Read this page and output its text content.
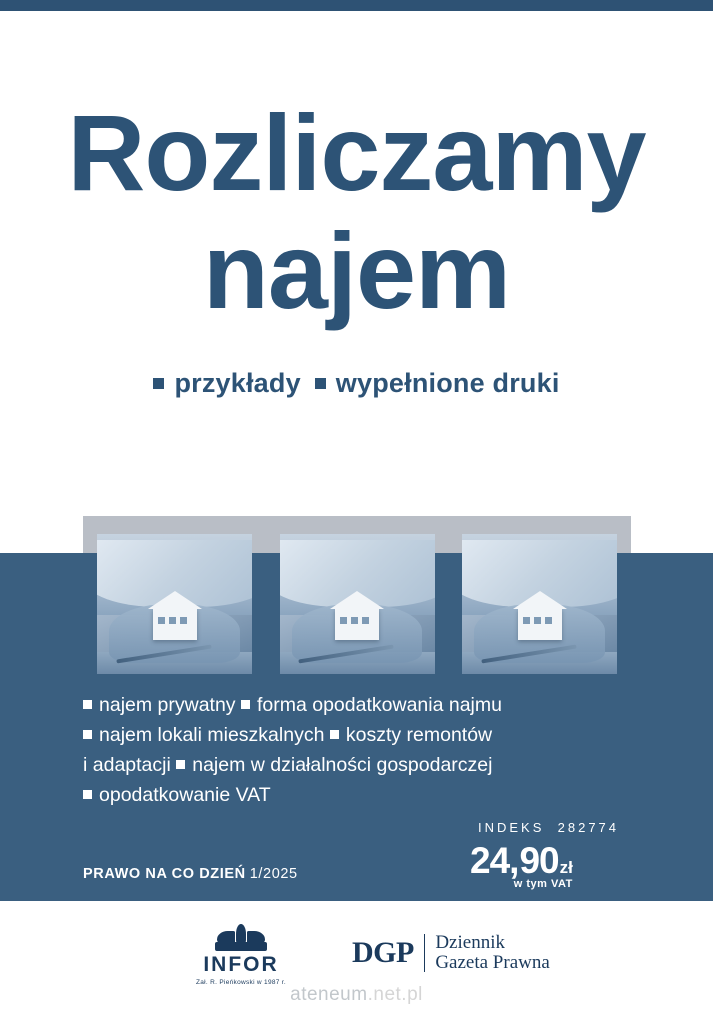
Rozliczamy
najem
przykłady wypełnione druki
najem prywatny forma opodatkowania najmu
najem lokali mieszkalnych koszty remontów
i adaptacji najem w działalności gospodarczej
opodatkowanie VAT
INDEKS 282774
24,90zł
w tym VAT
PRAWO NA CO DZIEŃ 1/2025
INFOR
Zał. R. Pieńkowski w 1987 r.
DGP Dziennik
Gazeta Prawna
ateneum.net.pl
